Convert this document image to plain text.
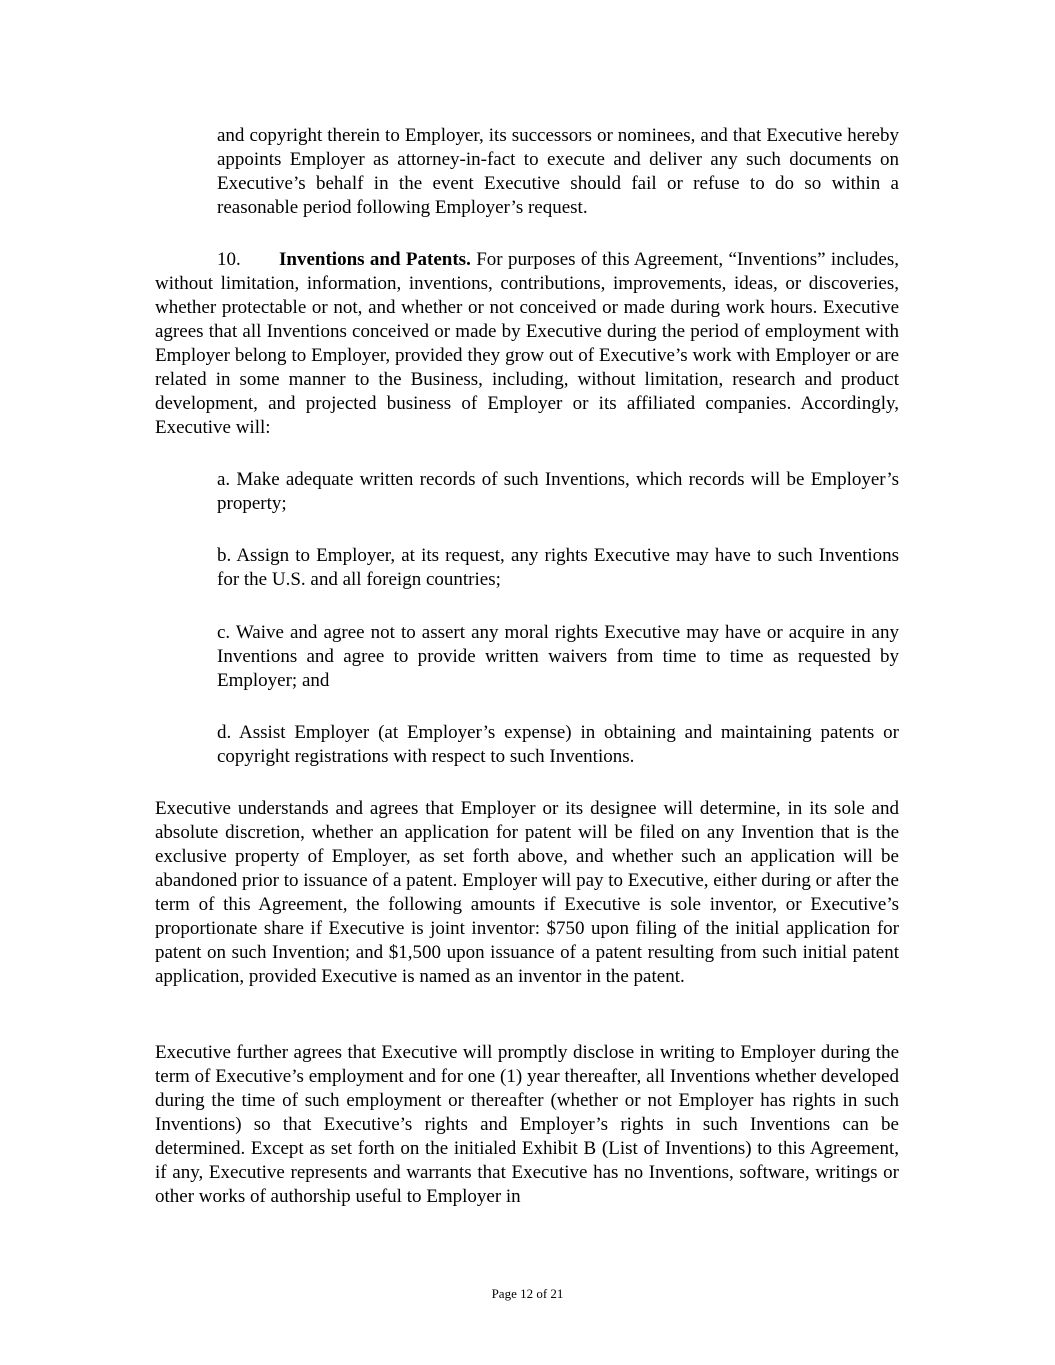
and copyright therein to Employer, its successors or nominees, and that Executive hereby appoints Employer as attorney-in-fact to execute and deliver any such documents on Executive’s behalf in the event Executive should fail or refuse to do so within a reasonable period following Employer’s request.

10. Inventions and Patents. For purposes of this Agreement, “Inventions” includes, without limitation, information, inventions, contributions, improvements, ideas, or discoveries, whether protectable or not, and whether or not conceived or made during work hours. Executive agrees that all Inventions conceived or made by Executive during the period of employment with Employer belong to Employer, provided they grow out of Executive’s work with Employer or are related in some manner to the Business, including, without limitation, research and product development, and projected business of Employer or its affiliated companies. Accordingly, Executive will:

a. Make adequate written records of such Inventions, which records will be Employer’s property;

b. Assign to Employer, at its request, any rights Executive may have to such Inventions for the U.S. and all foreign countries;

c. Waive and agree not to assert any moral rights Executive may have or acquire in any Inventions and agree to provide written waivers from time to time as requested by Employer; and

d. Assist Employer (at Employer’s expense) in obtaining and maintaining patents or copyright registrations with respect to such Inventions.

Executive understands and agrees that Employer or its designee will determine, in its sole and absolute discretion, whether an application for patent will be filed on any Invention that is the exclusive property of Employer, as set forth above, and whether such an application will be abandoned prior to issuance of a patent. Employer will pay to Executive, either during or after the term of this Agreement, the following amounts if Executive is sole inventor, or Executive’s proportionate share if Executive is joint inventor: $750 upon filing of the initial application for patent on such Invention; and $1,500 upon issuance of a patent resulting from such initial patent application, provided Executive is named as an inventor in the patent.

Executive further agrees that Executive will promptly disclose in writing to Employer during the term of Executive’s employment and for one (1) year thereafter, all Inventions whether developed during the time of such employment or thereafter (whether or not Employer has rights in such Inventions) so that Executive’s rights and Employer’s rights in such Inventions can be determined. Except as set forth on the initialed Exhibit B (List of Inventions) to this Agreement, if any, Executive represents and warrants that Executive has no Inventions, software, writings or other works of authorship useful to Employer in

Page 12 of 21
